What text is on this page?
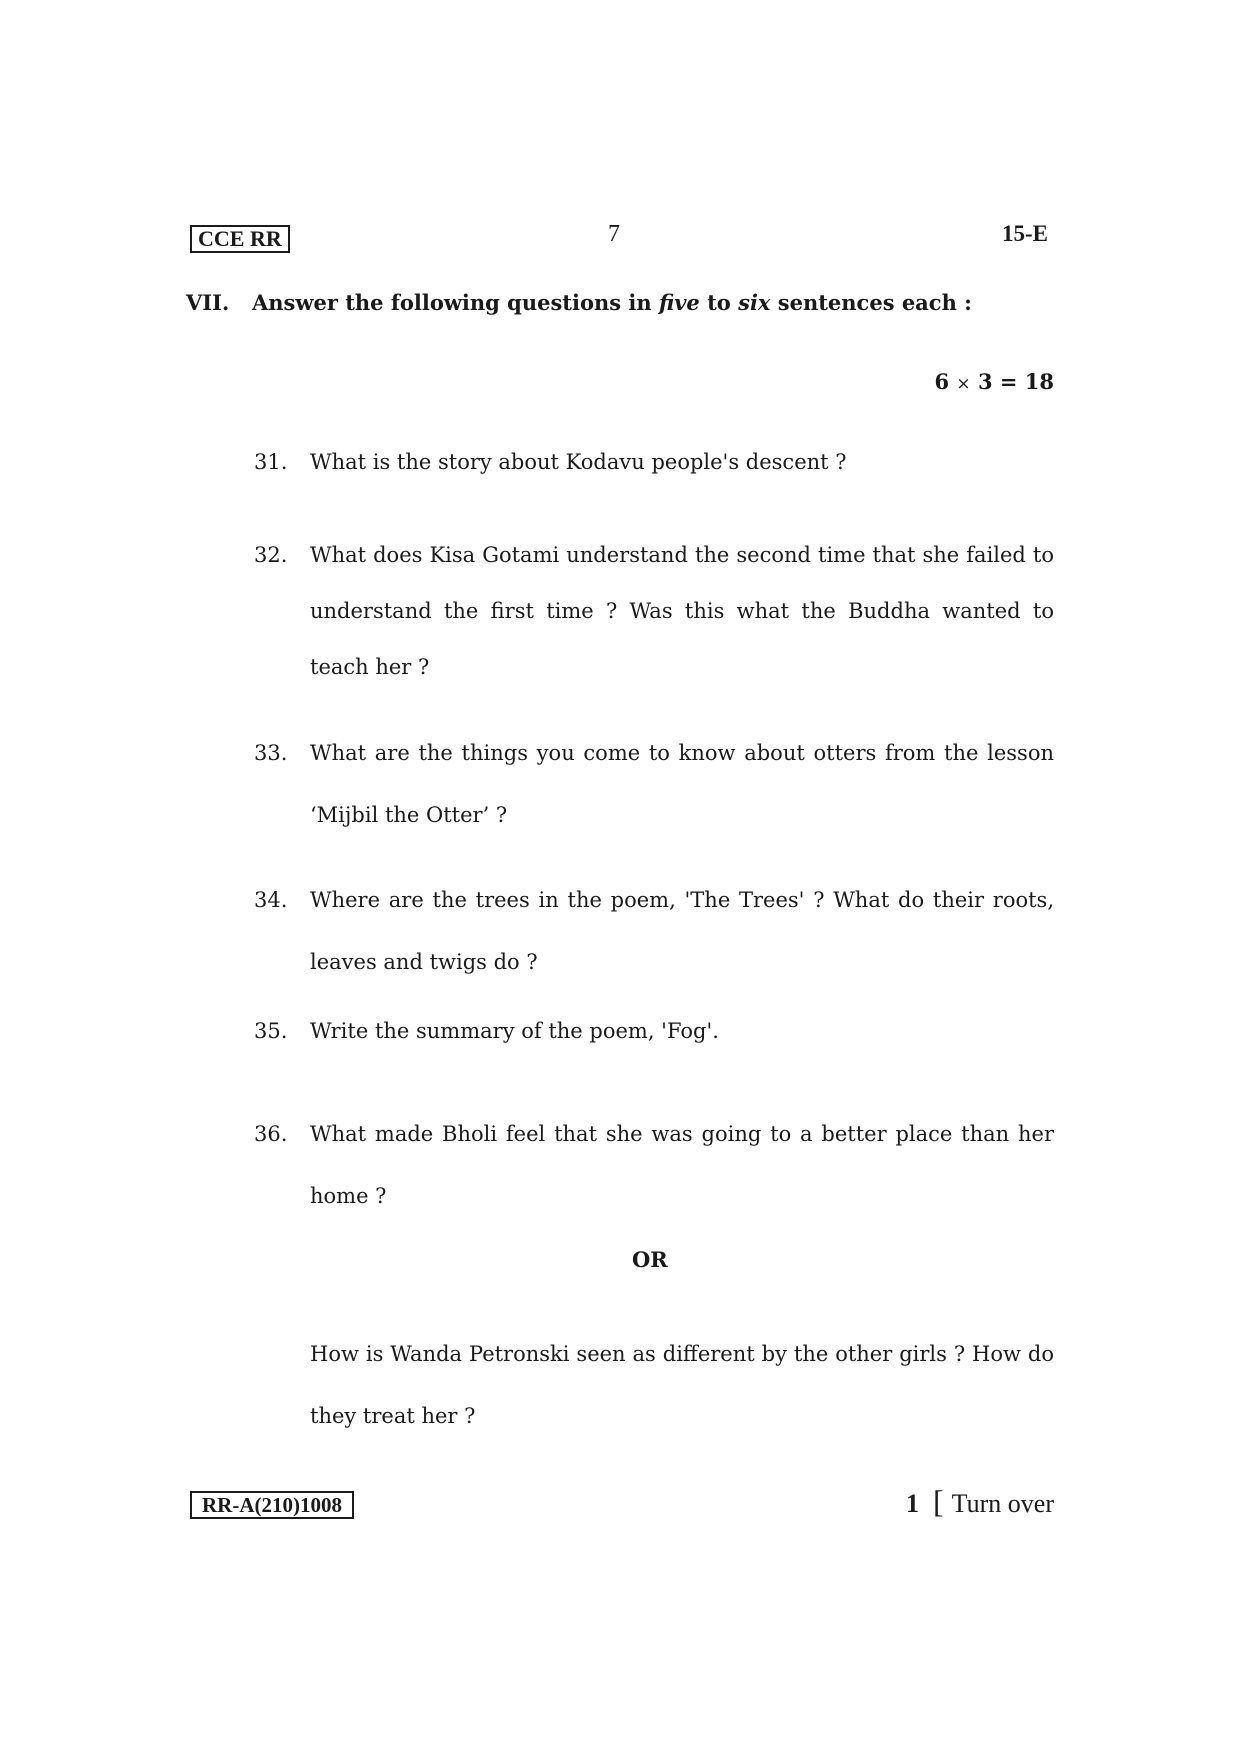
CCE RR	7	15-E
VII. Answer the following questions in five to six sentences each :
6 × 3 = 18
31. What is the story about Kodavu people's descent ?
32. What does Kisa Gotami understand the second time that she failed to understand the first time ? Was this what the Buddha wanted to teach her ?
33. What are the things you come to know about otters from the lesson ‘Mijbil the Otter’ ?
34. Where are the trees in the poem, 'The Trees' ? What do their roots, leaves and twigs do ?
35. Write the summary of the poem, 'Fog'.
36. What made Bholi feel that she was going to a better place than her home ?
OR
How is Wanda Petronski seen as different by the other girls ? How do they treat her ?
RR-A(210)1008	1 [ Turn over
